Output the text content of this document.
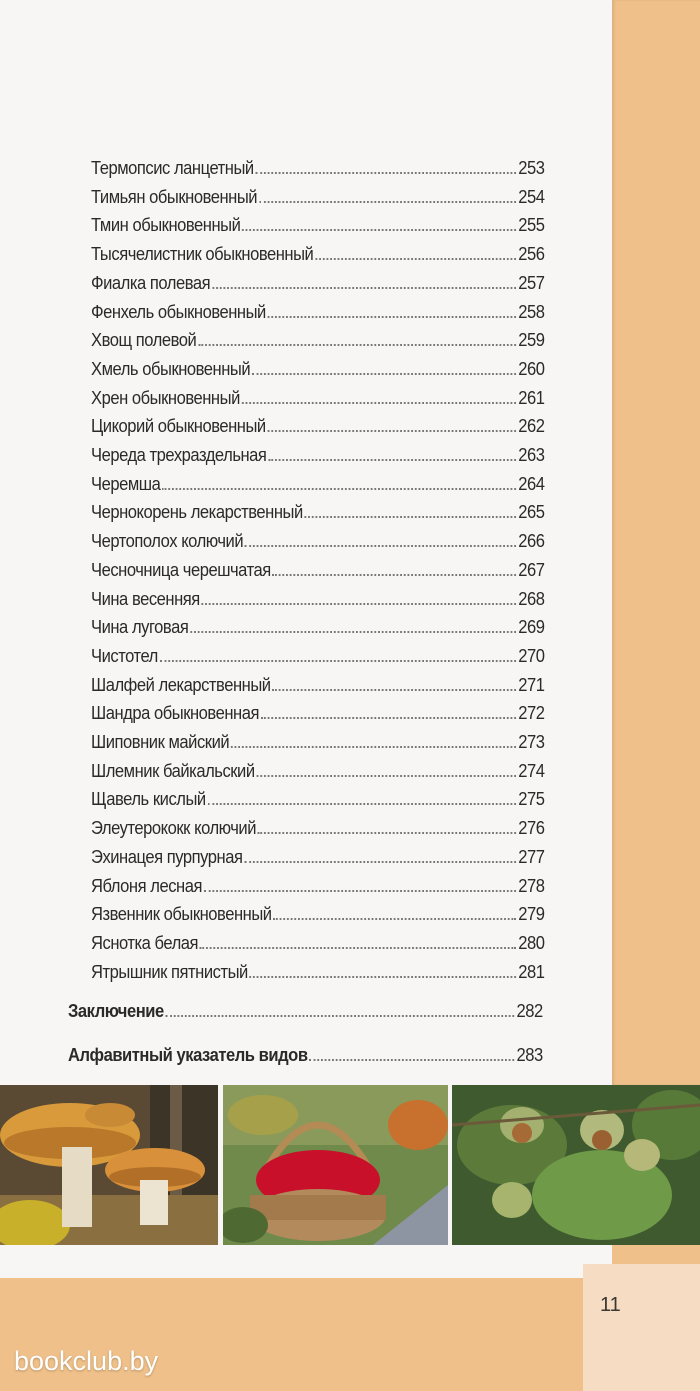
11
Термопсис ланцетный	253
Тимьян обыкновенный	254
Тмин обыкновенный	255
Тысячелистник обыкновенный	256
Фиалка полевая	257
Фенхель обыкновенный	258
Хвощ полевой	259
Хмель обыкновенный	260
Хрен обыкновенный	261
Цикорий обыкновенный	262
Череда трехраздельная	263
Черемша	264
Чернокорень лекарственный	265
Чертополох колючий	266
Чесночница черешчатая	267
Чина весенняя	268
Чина луговая	269
Чистотел	270
Шалфей лекарственный	271
Шандра обыкновенная	272
Шиповник майский	273
Шлемник байкальский	274
Щавель кислый	275
Элеутерококк колючий	276
Эхинацея пурпурная	277
Яблоня лесная	278
Язвенник обыкновенный	279
Яснотка белая	280
Ятрышник пятнистый	281
Заключение	282
Алфавитный указатель видов	283
bookclub.by
